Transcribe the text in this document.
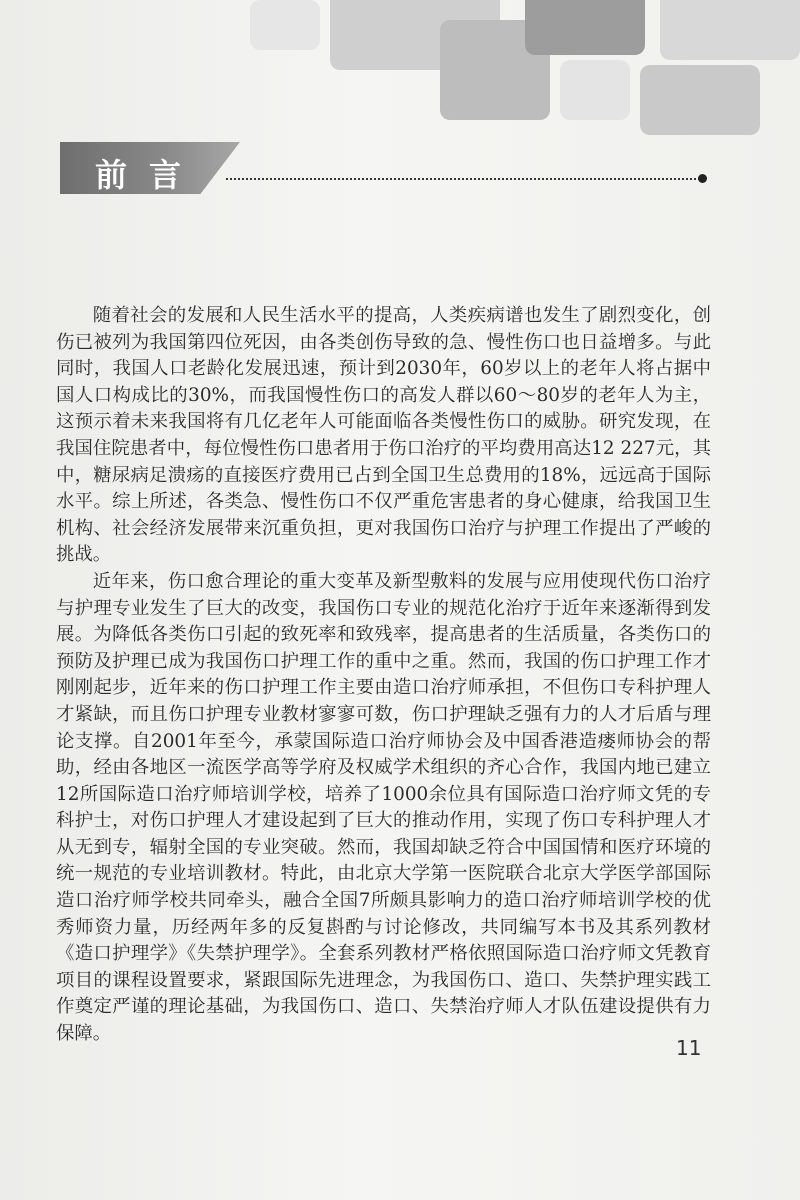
前言

随着社会的发展和人民生活水平的提高，人类疾病谱也发生了剧烈变化，创伤已被列为我国第四位死因，由各类创伤导致的急、慢性伤口也日益增多。与此同时，我国人口老龄化发展迅速，预计到2030年，60岁以上的老年人将占据中国人口构成比的30%，而我国慢性伤口的高发人群以60～80岁的老年人为主，这预示着未来我国将有几亿老年人可能面临各类慢性伤口的威胁。研究发现，在我国住院患者中，每位慢性伤口患者用于伤口治疗的平均费用高达12 227元，其中，糖尿病足溃疡的直接医疗费用已占到全国卫生总费用的18%，远远高于国际水平。综上所述，各类急、慢性伤口不仅严重危害患者的身心健康，给我国卫生机构、社会经济发展带来沉重负担，更对我国伤口治疗与护理工作提出了严峻的挑战。

近年来，伤口愈合理论的重大变革及新型敷料的发展与应用使现代伤口治疗与护理专业发生了巨大的改变，我国伤口专业的规范化治疗于近年来逐渐得到发展。为降低各类伤口引起的致死率和致残率，提高患者的生活质量，各类伤口的预防及护理已成为我国伤口护理工作的重中之重。然而，我国的伤口护理工作才刚刚起步，近年来的伤口护理工作主要由造口治疗师承担，不但伤口专科护理人才紧缺，而且伤口护理专业教材寥寥可数，伤口护理缺乏强有力的人才后盾与理论支撑。自2001年至今，承蒙国际造口治疗师协会及中国香港造瘘师协会的帮助，经由各地区一流医学高等学府及权威学术组织的齐心合作，我国内地已建立12所国际造口治疗师培训学校，培养了1000余位具有国际造口治疗师文凭的专科护士，对伤口护理人才建设起到了巨大的推动作用，实现了伤口专科护理人才从无到专，辐射全国的专业突破。然而，我国却缺乏符合中国国情和医疗环境的统一规范的专业培训教材。特此，由北京大学第一医院联合北京大学医学部国际造口治疗师学校共同牵头，融合全国7所颇具影响力的造口治疗师培训学校的优秀师资力量，历经两年多的反复斟酌与讨论修改，共同编写本书及其系列教材《造口护理学》《失禁护理学》。全套系列教材严格依照国际造口治疗师文凭教育项目的课程设置要求，紧跟国际先进理念，为我国伤口、造口、失禁护理实践工作奠定严谨的理论基础，为我国伤口、造口、失禁治疗师人才队伍建设提供有力保障。

11
